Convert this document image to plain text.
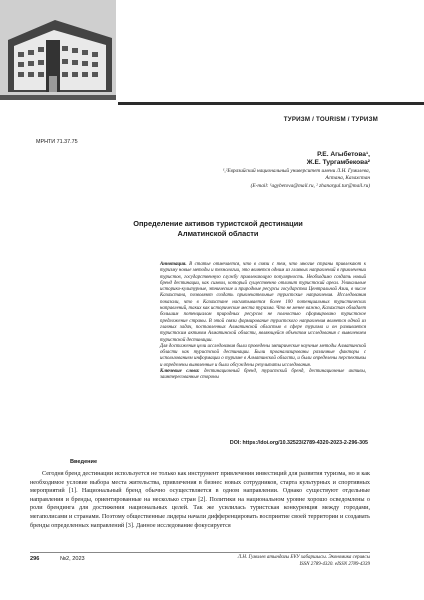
ТУРИЗМ / TOURISM / ТУРИЗМ
МРНТИ 71.37.75
Р.Е. Агыбетова¹,
Ж.Е. Тургамбекова²
¹,²Евразийский национальный университет имени Л.Н. Гумилева,
Астана, Казахстан
(E-mail: ¹agybetova@mail.ru, ² zhanargul.tur@mail.ru)
Определение активов туристской дестинации Алматинской области

Аннотация. В статье отмечается, что в связи с тем, что многие страны привлекают к туризму новые методы и технологии, это является одним из главных направлений в привлечении туристов, государственную службу привлекающую популярность. Необходимо создать новый бренд дестинации, как символ, который существенно отличит туристский ареал. Уникальные историко-культурные, этнические и природные ресурсы государства Центральной Азии, в числе Казахстана, позволяют создать привлекательные туристские направления. Исследования показали, что в Казахстане насчитывается более 100 потенциальных туристических направлений, таких как исторические места туризма. Что не менее важно, Казахстан обладает большим потенциалом природных ресурсов не полностью сформировано туристское предложение страны. В этой связи формирование туристского направления является одной из главных задач, поставленных Алматинской областью в сфере туризма и он развивается туристским активом Алматинской области, являющейся объектом исследования с выявлением туристской дестинации.

Для достижения цели исследования были проведены эмпирические научные методы Алматинской области как туристской дестинации. Были проанализированы различные факторы с использованием информации о туризме в Алматинской области, и были определены перспективы и определены выявленные и были обсуждены результаты исследования.

Ключевые слова: дестинационный бренд, туристский бренд, дестинационные активы, заинтересованные стороны

DOI: https://doi.org/10.32523/2789-4320-2023-2-296-305
Введение
Сегодня бренд дестинации используется не только как инструмент привлечения инвестиций для развития туризма, но и как необходимое условие выбора места жительства, привлечения в бизнес новых сотрудников, старта культурных и спортивных мероприятий [1]. Национальный бренд обычно осуществляется в одном направлении. Однако существуют отдельные направления и бренды, ориентированные на несколько стран [2]. Политики на национальном уровне хорошо осведомлены о роли брендинга для достижения национальных целей. Так же усилилась туристская конкуренция между городами, мегаполисами и странами. Поэтому общественные лидеры начали дифференцировать восприятие своей территории и создавать бренды определенных направлений [3]. Данное исследование фокусируется
296	№2, 2023	Л.Н. Гумилев атындағы ЕҰУ хабаршысы. Экономика сериясы
ISSN 2789-4320. eISSN 2789-4339
